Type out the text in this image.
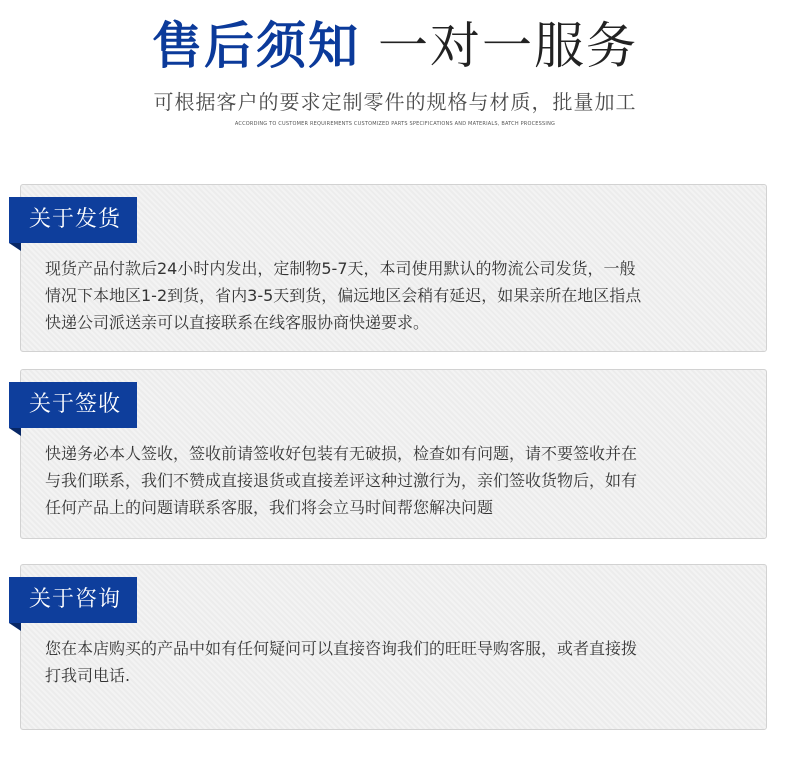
售后须知 一对一服务
可根据客户的要求定制零件的规格与材质，批量加工
ACCORDING TO CUSTOMER REQUIREMENTS CUSTOMIZED PARTS SPECIFICATIONS AND MATERIALS, BATCH PROCESSING
关于发货
现货产品付款后24小时内发出，定制物5-7天，本司使用默认的物流公司发货，一般
情况下本地区1-2到货，省内3-5天到货，偏远地区会稍有延迟，如果亲所在地区指点
快递公司派送亲可以直接联系在线客服协商快递要求。
关于签收
快递务必本人签收，签收前请签收好包装有无破损，检查如有问题，请不要签收并在
与我们联系，我们不赞成直接退货或直接差评这种过激行为，亲们签收货物后，如有
任何产品上的问题请联系客服，我们将会立马时间帮您解决问题
关于咨询
您在本店购买的产品中如有任何疑问可以直接咨询我们的旺旺导购客服，或者直接拨
打我司电话.
